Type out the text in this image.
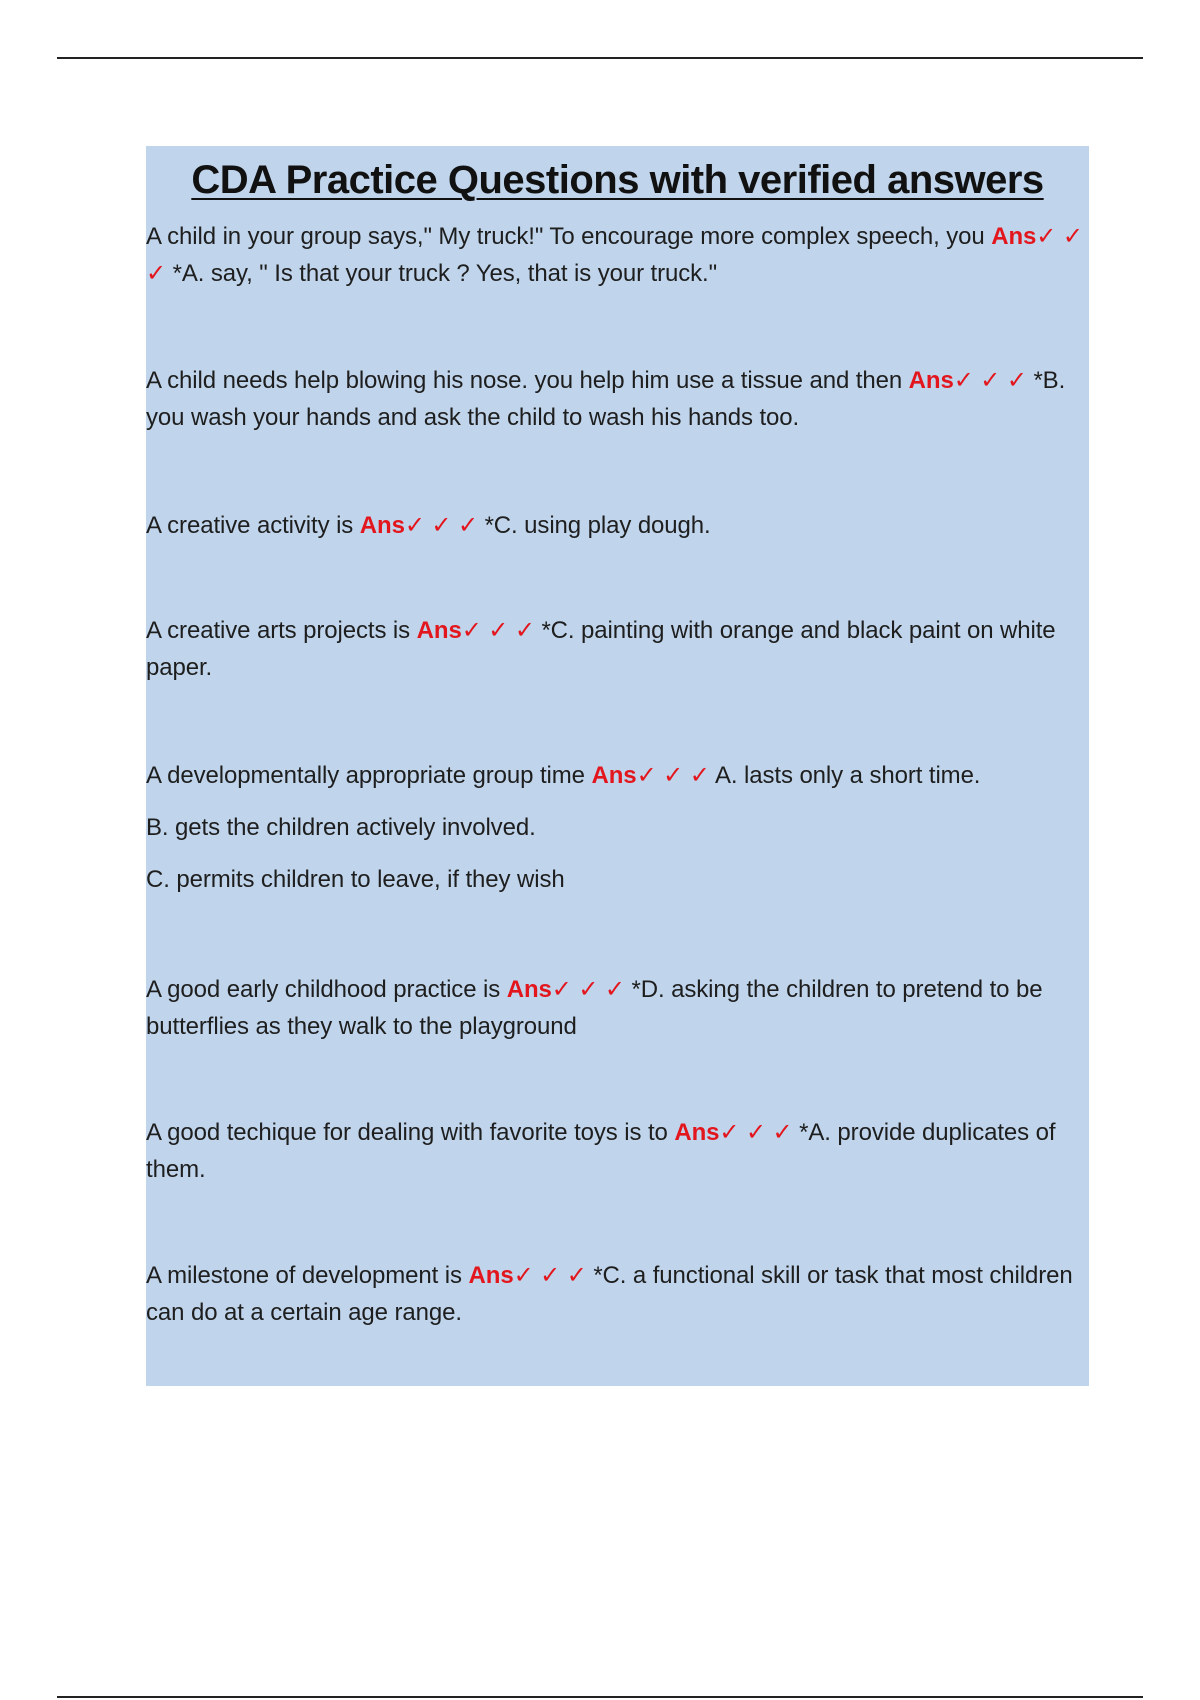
CDA Practice Questions with verified answers

A child in your group says," My truck!" To encourage more complex speech, you Ans✓ ✓ ✓ *A. say, " Is that your truck ? Yes, that is your truck."

A child needs help blowing his nose. you help him use a tissue and then Ans✓ ✓ ✓ *B. you wash your hands and ask the child to wash his hands too.

A creative activity is Ans✓ ✓ ✓ *C. using play dough.

A creative arts projects is Ans✓ ✓ ✓ *C. painting with orange and black paint on white paper.

A developmentally appropriate group time Ans✓ ✓ ✓ A. lasts only a short time.

B. gets the children actively involved.

C. permits children to leave, if they wish

A good early childhood practice is Ans✓ ✓ ✓ *D. asking the children to pretend to be butterflies as they walk to the playground

A good techique for dealing with favorite toys is to Ans✓ ✓ ✓ *A. provide duplicates of them.

A milestone of development is Ans✓ ✓ ✓ *C. a functional skill or task that most children can do at a certain age range.
